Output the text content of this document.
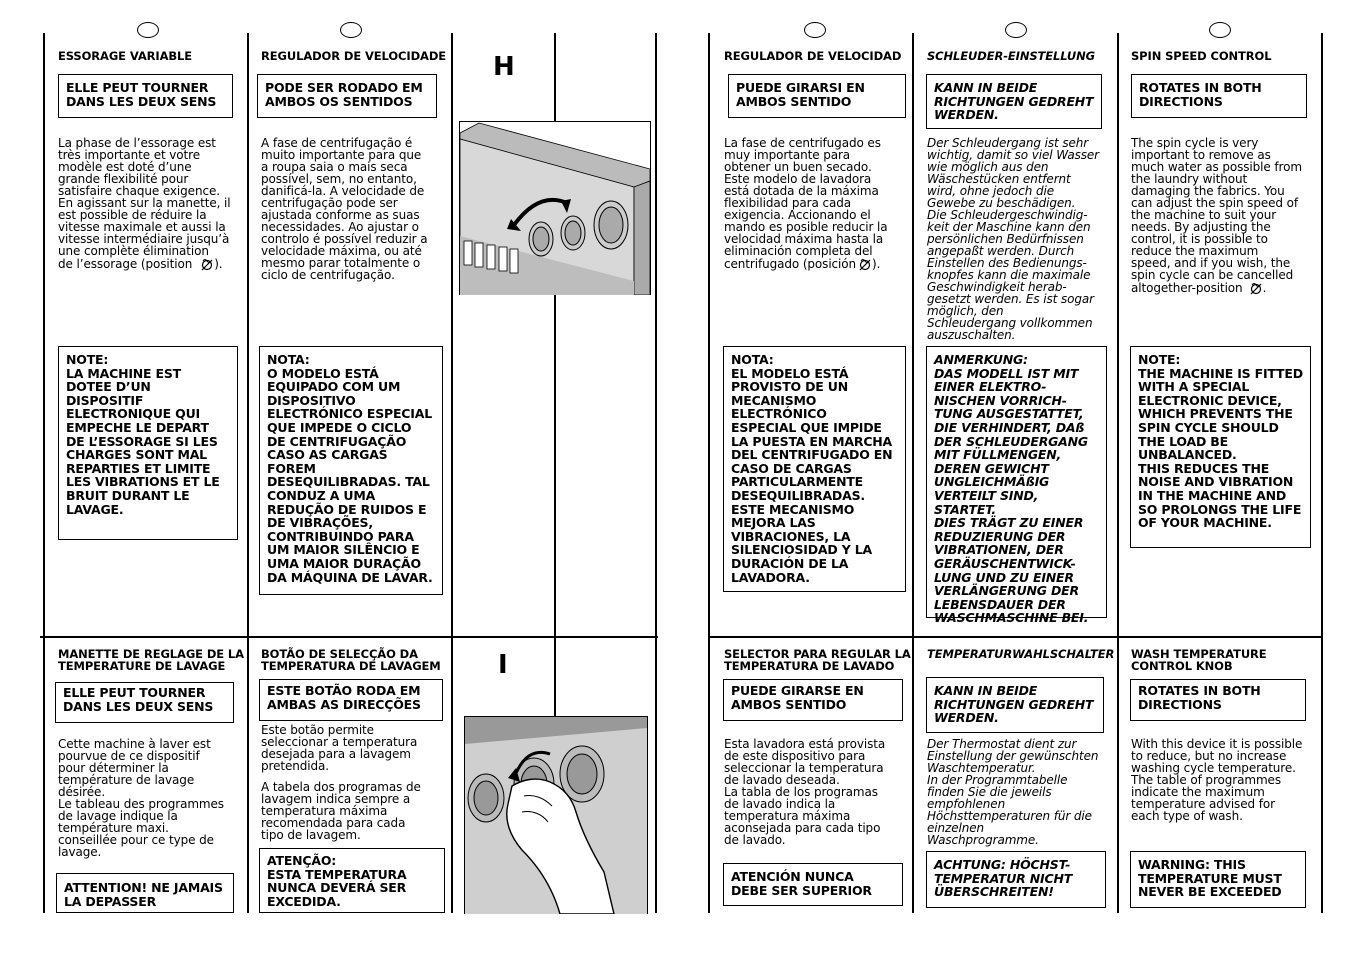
ESSORAGE VARIABLE
ELLE PEUT TOURNER
DANS LES DEUX SENS
La phase de l’essorage est
très importante et votre
modèle est doté d’une
grande flexibilité pour
satisfaire chaque exigence.
En agissant sur la manette, il
est possible de réduire la
vitesse maximale et aussi la
vitesse intermédiaire jusqu’à
une complète élimination
de l’essorage (position ).
NOTE:
LA MACHINE EST
DOTEE D’UN
DISPOSITIF
ELECTRONIQUE QUI
EMPECHE LE DEPART
DE L’ESSORAGE SI LES
CHARGES SONT MAL
REPARTIES ET LIMITE
LES VIBRATIONS ET LE
BRUIT DURANT LE
LAVAGE.
MANETTE DE REGLAGE DE LA
TEMPERATURE DE LAVAGE
ELLE PEUT TOURNER
DANS LES DEUX SENS
Cette machine à laver est
pourvue de ce dispositif
pour déterminer la
température de lavage
désirée.
Le tableau des programmes
de lavage indique la
température maxi.
conseillée pour ce type de
lavage.
ATTENTION! NE JAMAIS
LA DEPASSER
REGULADOR DE VELOCIDADE
PODE SER RODADO EM
AMBOS OS SENTIDOS
A fase de centrifugação é
muito importante para que
a roupa saia o mais seca
possível, sem, no entanto,
danificá-la. A velocidade de
centrifugação pode ser
ajustada conforme as suas
necessidades. Ao ajustar o
controlo é possível reduzir a
velocidade máxima, ou até
mesmo parar totalmente o
ciclo de centrifugação.
NOTA:
O MODELO ESTÁ
EQUIPADO COM UM
DISPOSITIVO
ELECTRÓNICO ESPECIAL
QUE IMPEDE O CICLO
DE CENTRIFUGAÇÃO
CASO AS CARGAS
FOREM
DESEQUILIBRADAS. TAL
CONDUZ A UMA
REDUÇÃO DE RUIDOS E
DE VIBRAÇÕES,
CONTRIBUINDO PARA
UM MAIOR SILÊNCIO E
UMA MAIOR DURAÇÃO
DA MÁQUINA DE LAVAR.
BOTÃO DE SELECÇÃO DA
TEMPERATURA DE LAVAGEM
ESTE BOTÃO RODA EM
AMBAS AS DIRECÇÕES
Este botão permite
seleccionar a temperatura
desejada para a lavagem
pretendida.
A tabela dos programas de
lavagem indica sempre a
temperatura máxima
recomendada para cada
tipo de lavagem.
ATENÇÃO:
ESTA TEMPERATURA
NUNCA DEVERÁ SER
EXCEDIDA.
H
I
REGULADOR DE VELOCIDAD
PUEDE GIRARSI EN
AMBOS SENTIDO
La fase de centrifugado es
muy importante para
obtener un buen secado.
Este modelo de lavadora
está dotada de la máxima
flexibilidad para cada
exigencia. Accionando el
mando es posible reducir la
velocidad máxima hasta la
eliminación completa del
centrifugado (posición ).
NOTA:
EL MODELO ESTÁ
PROVISTO DE UN
MECANISMO
ELECTRÓNICO
ESPECIAL QUE IMPIDE
LA PUESTA EN MARCHA
DEL CENTRIFUGADO EN
CASO DE CARGAS
PARTICULARMENTE
DESEQUILIBRADAS.
ESTE MECANISMO
MEJORA LAS
VIBRACIONES, LA
SILENCIOSIDAD Y LA
DURACIÓN DE LA
LAVADORA.
SELECTOR PARA REGULAR LA
TEMPERATURA DE LAVADO
PUEDE GIRARSE EN
AMBOS SENTIDO
Esta lavadora está provista
de este dispositivo para
seleccionar la temperatura
de lavado deseada.
La tabla de los programas
de lavado indica la
temperatura máxima
aconsejada para cada tipo
de lavado.
ATENCIÓN NUNCA
DEBE SER SUPERIOR
SCHLEUDER-EINSTELLUNG
KANN IN BEIDE
RICHTUNGEN GEDREHT
WERDEN.
Der Schleudergang ist sehr
wichtig, damit so viel Wasser
wie möglich aus den
Wäschestücken entfernt
wird, ohne jedoch die
Gewebe zu beschädigen.
Die Schleudergeschwindig-
keit der Maschine kann den
persönlichen Bedürfnissen
angepaßt werden. Durch
Einstellen des Bedienungs-
knopfes kann die maximale
Geschwindigkeit herab-
gesetzt werden. Es ist sogar
möglich, den
Schleudergang vollkommen
auszuschalten.
ANMERKUNG:
DAS MODELL IST MIT
EINER ELEKTRO-
NISCHEN VORRICH-
TUNG AUSGESTATTET,
DIE VERHINDERT, DAß
DER SCHLEUDERGANG
MIT FÜLLMENGEN,
DEREN GEWICHT
UNGLEICHMÄßIG
VERTEILT SIND, STARTET.
DIES TRÄGT ZU EINER
REDUZIERUNG DER
VIBRATIONEN, DER
GERÄUSCHENTWICK-
LUNG UND ZU EINER
VERLÄNGERUNG DER
LEBENSDAUER DER
WASCHMASCHINE BEI.
TEMPERATURWAHLSCHALTER
KANN IN BEIDE
RICHTUNGEN GEDREHT
WERDEN.
Der Thermostat dient zur
Einstellung der gewünschten
Waschtemperatur.
In der Programmtabelle
finden Sie die jeweils
empfohlenen
Höchsttemperaturen für die
einzelnen
Waschprogramme.
ACHTUNG: HÖCHST-
TEMPERATUR NICHT
ÜBERSCHREITEN!
SPIN SPEED CONTROL
ROTATES IN BOTH
DIRECTIONS
The spin cycle is very
important to remove as
much water as possible from
the laundry without
damaging the fabrics. You
can adjust the spin speed of
the machine to suit your
needs. By adjusting the
control, it is possible to
reduce the maximum
speed, and if you wish, the
spin cycle can be cancelled
altogether-position .
NOTE:
THE MACHINE IS FITTED
WITH A SPECIAL
ELECTRONIC DEVICE,
WHICH PREVENTS THE
SPIN CYCLE SHOULD
THE LOAD BE
UNBALANCED.
THIS REDUCES THE
NOISE AND VIBRATION
IN THE MACHINE AND
SO PROLONGS THE LIFE
OF YOUR MACHINE.
WASH TEMPERATURE
CONTROL KNOB
ROTATES IN BOTH
DIRECTIONS
With this device it is possible
to reduce, but no increase
washing cycle temperature.
The table of programmes
indicate the maximum
temperature advised for
each type of wash.
WARNING: THIS
TEMPERATURE MUST
NEVER BE EXCEEDED
